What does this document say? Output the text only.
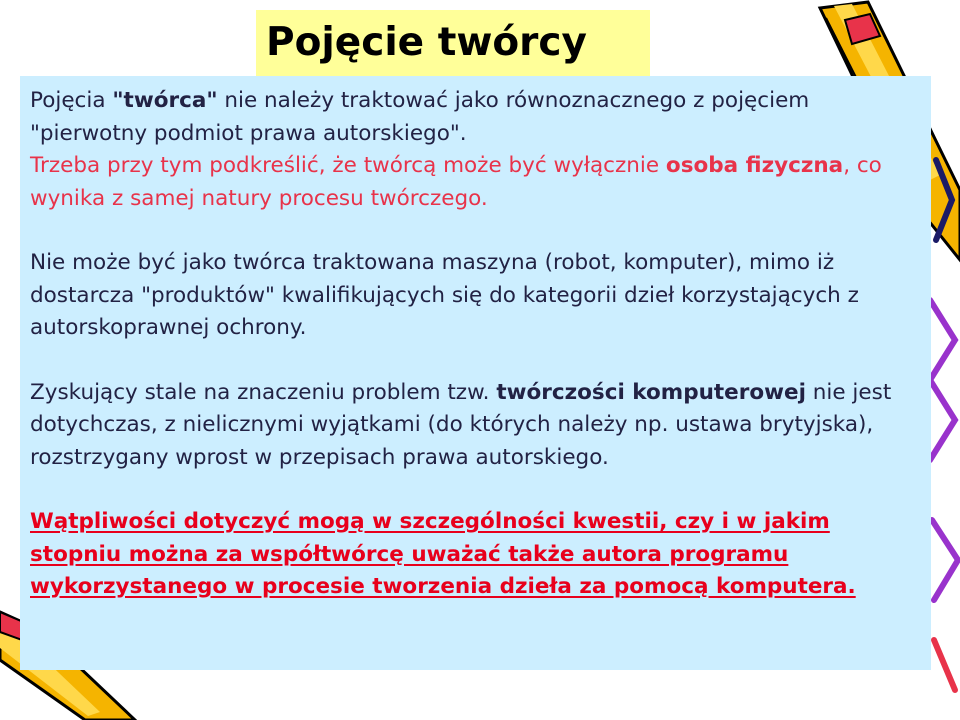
Pojęcie twórcy

Pojęcia "twórca" nie należy traktować jako równoznacznego z pojęciem "pierwotny podmiot prawa autorskiego".

Trzeba przy tym podkreślić, że twórcą może być wyłącznie osoba fizyczna, co wynika z samej natury procesu twórczego.

Nie może być jako twórca traktowana maszyna (robot, komputer), mimo iż dostarcza "produktów" kwalifikujących się do kategorii dzieł korzystających z autorskoprawnej ochrony.

Zyskujący stale na znaczeniu problem tzw. twórczości komputerowej nie jest dotychczas, z nielicznymi wyjątkami (do których należy np. ustawa brytyjska), rozstrzygany wprost w przepisach prawa autorskiego.

Wątpliwości dotyczyć mogą w szczególności kwestii, czy i w jakim stopniu można za współtwórcę uważać także autora programu wykorzystanego w procesie tworzenia dzieła za pomocą komputera.
